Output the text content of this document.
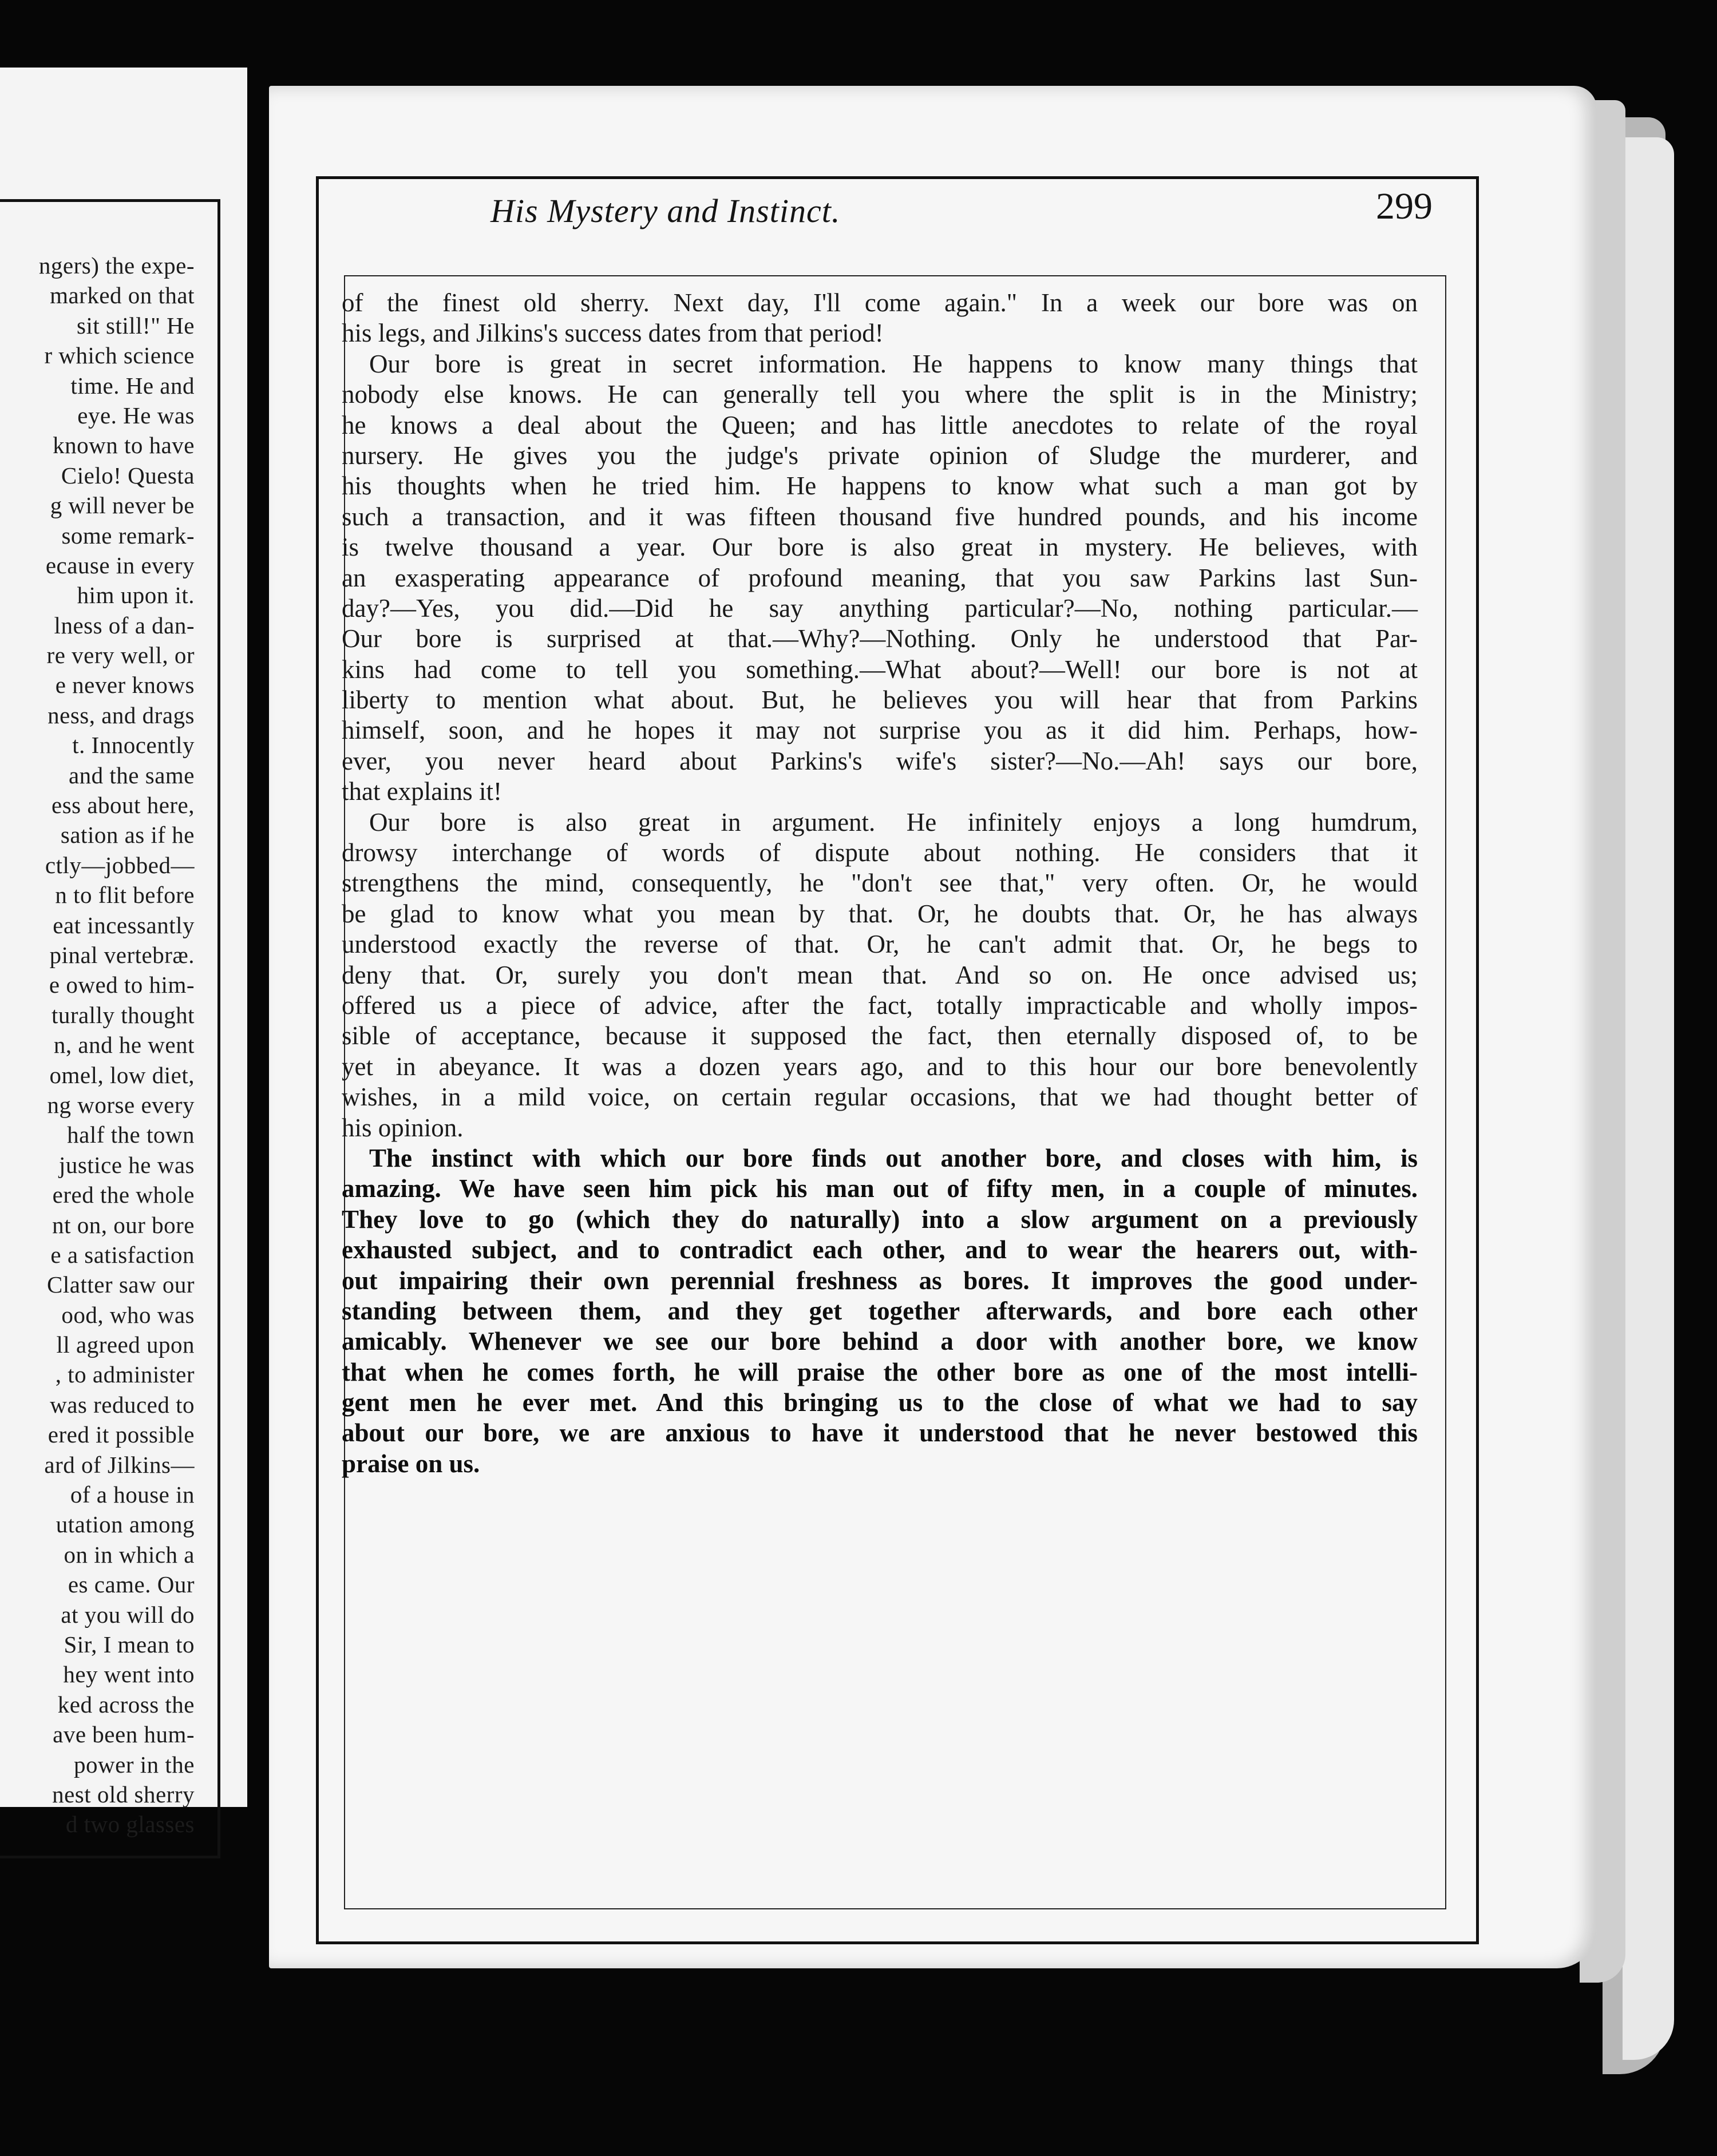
ngers) the expe-
marked on that
sit still!" He
r which science
time. He and
eye. He was
known to have
Cielo! Questa
g will never be
some remark-
ecause in every
him upon it.
lness of a dan-
re very well, or
e never knows
ness, and drags
t. Innocently
and the same
ess about here,
sation as if he
ctly—jobbed—
n to flit before
eat incessantly
pinal vertebræ.
e owed to him-
turally thought
n, and he went
omel, low diet,
ng worse every
half the town
justice he was
ered the whole
nt on, our bore
e a satisfaction
Clatter saw our
ood, who was
ll agreed upon
, to administer
was reduced to
ered it possible
ard of Jilkins—
of a house in
utation among
on in which a
es came. Our
at you will do
Sir, I mean to
hey went into
ked across the
ave been hum-
power in the
nest old sherry
d two glasses
His Mystery and Instinct.	299
of the finest old sherry. Next day, I'll come again." In a week our bore was on
his legs, and Jilkins's success dates from that period!
Our bore is great in secret information. He happens to know many things that
nobody else knows. He can generally tell you where the split is in the Ministry;
he knows a deal about the Queen; and has little anecdotes to relate of the royal
nursery. He gives you the judge's private opinion of Sludge the murderer, and
his thoughts when he tried him. He happens to know what such a man got by
such a transaction, and it was fifteen thousand five hundred pounds, and his income
is twelve thousand a year. Our bore is also great in mystery. He believes, with
an exasperating appearance of profound meaning, that you saw Parkins last Sun-
day?—Yes, you did.—Did he say anything particular?—No, nothing particular.—
Our bore is surprised at that.—Why?—Nothing. Only he understood that Par-
kins had come to tell you something.—What about?—Well! our bore is not at
liberty to mention what about. But, he believes you will hear that from Parkins
himself, soon, and he hopes it may not surprise you as it did him. Perhaps, how-
ever, you never heard about Parkins's wife's sister?—No.—Ah! says our bore,
that explains it!
Our bore is also great in argument. He infinitely enjoys a long humdrum,
drowsy interchange of words of dispute about nothing. He considers that it
strengthens the mind, consequently, he "don't see that," very often. Or, he would
be glad to know what you mean by that. Or, he doubts that. Or, he has always
understood exactly the reverse of that. Or, he can't admit that. Or, he begs to
deny that. Or, surely you don't mean that. And so on. He once advised us;
offered us a piece of advice, after the fact, totally impracticable and wholly impos-
sible of acceptance, because it supposed the fact, then eternally disposed of, to be
yet in abeyance. It was a dozen years ago, and to this hour our bore benevolently
wishes, in a mild voice, on certain regular occasions, that we had thought better of
his opinion.
The instinct with which our bore finds out another bore, and closes with him, is
amazing. We have seen him pick his man out of fifty men, in a couple of minutes.
They love to go (which they do naturally) into a slow argument on a previously
exhausted subject, and to contradict each other, and to wear the hearers out, with-
out impairing their own perennial freshness as bores. It improves the good under-
standing between them, and they get together afterwards, and bore each other
amicably. Whenever we see our bore behind a door with another bore, we know
that when he comes forth, he will praise the other bore as one of the most intelli-
gent men he ever met. And this bringing us to the close of what we had to say
about our bore, we are anxious to have it understood that he never bestowed this
praise on us.
